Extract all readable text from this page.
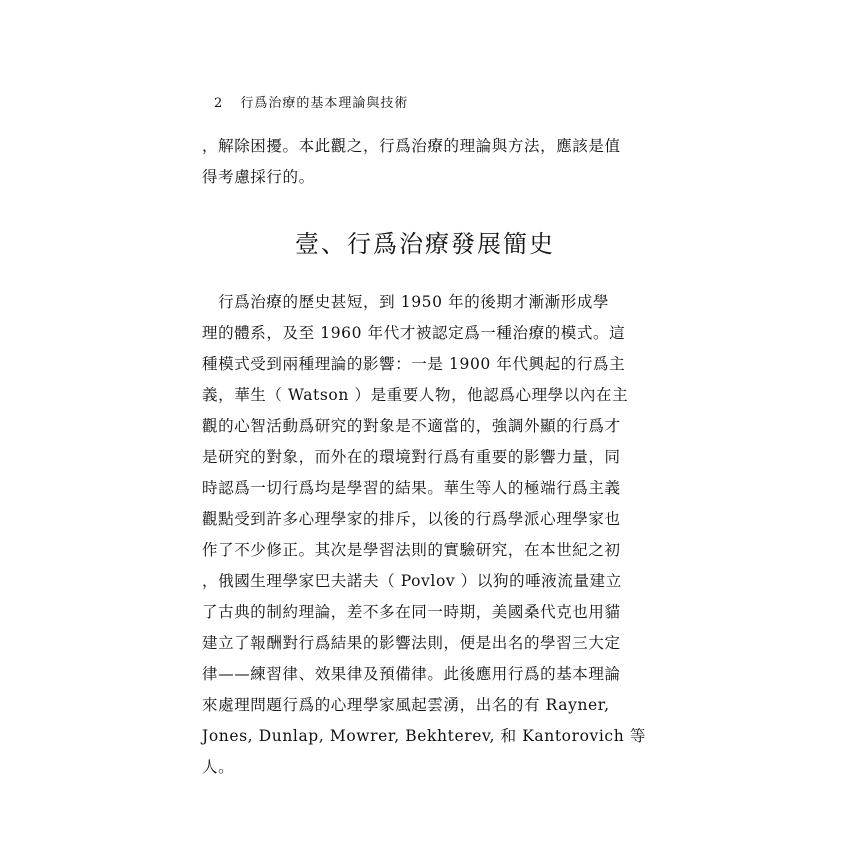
2 行爲治療的基本理論與技術
，解除困擾。本此觀之，行爲治療的理論與方法，應該是值
得考慮採行的。
壹、行爲治療發展簡史
　行爲治療的歷史甚短，到 1950 年的後期才漸漸形成學
理的體系，及至 1960 年代才被認定爲一種治療的模式。這
種模式受到兩種理論的影響：一是 1900 年代興起的行爲主
義，華生（ Watson ）是重要人物，他認爲心理學以內在主
觀的心智活動爲研究的對象是不適當的，強調外顯的行爲才
是研究的對象，而外在的環境對行爲有重要的影響力量，同
時認爲一切行爲均是學習的結果。華生等人的極端行爲主義
觀點受到許多心理學家的排斥，以後的行爲學派心理學家也
作了不少修正。其次是學習法則的實驗研究，在本世紀之初
，俄國生理學家巴夫諾夫（ Povlov ）以狗的唾液流量建立
了古典的制約理論，差不多在同一時期，美國桑代克也用貓
建立了報酬對行爲結果的影響法則，便是出名的學習三大定
律——練習律、效果律及預備律。此後應用行爲的基本理論
來處理問題行爲的心理學家風起雲湧，出名的有 Rayner,
Jones, Dunlap, Mowrer, Bekhterev, 和 Kantorovich 等
人。
